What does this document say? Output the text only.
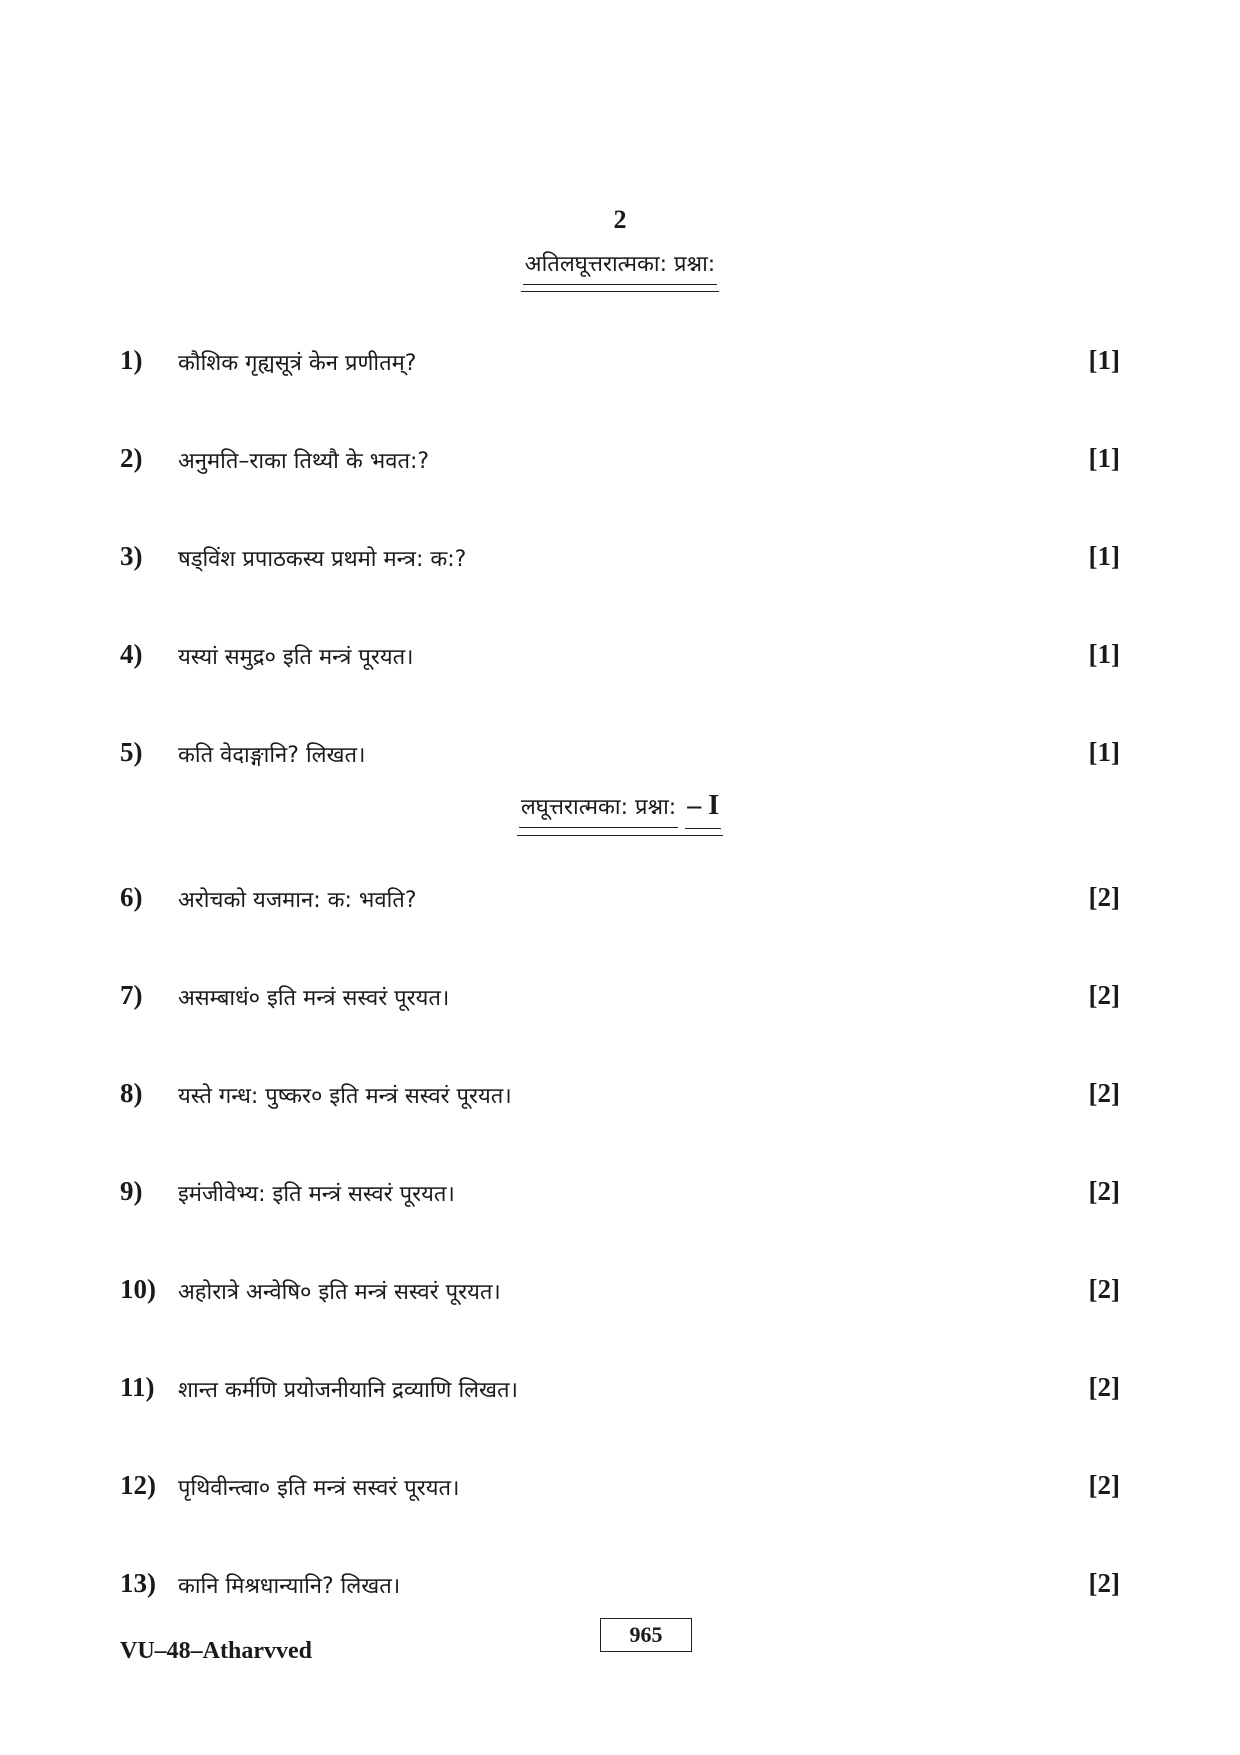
2
अतिलघूत्तरात्मका: प्रश्ना:
1) कौशिक गृह्यसूत्रं केन प्रणीतम्?	[1]
2) अनुमति–राका तिथ्यौ के भवत:?	[1]
3) षड्विंश प्रपाठकस्य प्रथमो मन्त्र: क:?	[1]
4) यस्यां समुद्र० इति मन्त्रं पूरयत।	[1]
5) कति वेदाङ्गानि? लिखत।	[1]
लघूत्तरात्मका: प्रश्ना: – I
6) अरोचको यजमान: क: भवति?	[2]
7) असम्बाधं० इति मन्त्रं सस्वरं पूरयत।	[2]
8) यस्ते गन्ध: पुष्कर० इति मन्त्रं सस्वरं पूरयत।	[2]
9) इमंजीवेभ्य: इति मन्त्रं सस्वरं पूरयत।	[2]
10) अहोरात्रे अन्वेषि० इति मन्त्रं सस्वरं पूरयत।	[2]
11) शान्त कर्मणि प्रयोजनीयानि द्रव्याणि लिखत।	[2]
12) पृथिवीन्त्वा० इति मन्त्रं सस्वरं पूरयत।	[2]
13) कानि मिश्रधान्यानि? लिखत।	[2]
VU–48–Atharvved
965
